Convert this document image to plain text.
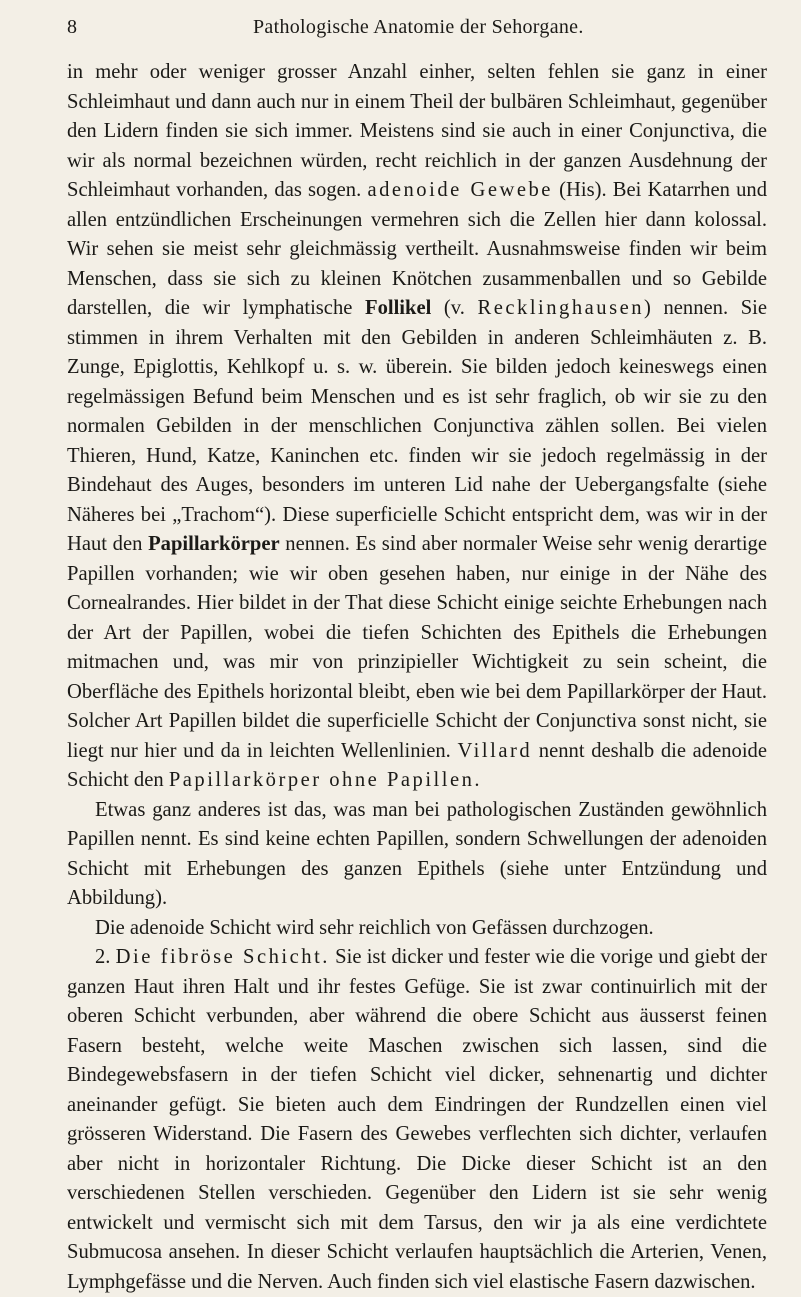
8	Pathologische Anatomie der Sehorgane.

in mehr oder weniger grosser Anzahl einher, selten fehlen sie ganz in einer Schleimhaut und dann auch nur in einem Theil der bulbären Schleimhaut, gegenüber den Lidern finden sie sich immer. Meistens sind sie auch in einer Conjunctiva, die wir als normal bezeichnen würden, recht reichlich in der ganzen Ausdehnung der Schleimhaut vorhanden, das sogen. adenoide Gewebe (His). Bei Katarrhen und allen entzündlichen Erscheinungen vermehren sich die Zellen hier dann kolossal. Wir sehen sie meist sehr gleichmässig vertheilt. Ausnahmsweise finden wir beim Menschen, dass sie sich zu kleinen Knötchen zusammenballen und so Gebilde darstellen, die wir lymphatische Follikel (v. Recklinghausen) nennen. Sie stimmen in ihrem Verhalten mit den Gebilden in anderen Schleimhäuten z. B. Zunge, Epiglottis, Kehlkopf u. s. w. überein. Sie bilden jedoch keineswegs einen regelmässigen Befund beim Menschen und es ist sehr fraglich, ob wir sie zu den normalen Gebilden in der menschlichen Conjunctiva zählen sollen. Bei vielen Thieren, Hund, Katze, Kaninchen etc. finden wir sie jedoch regelmässig in der Bindehaut des Auges, besonders im unteren Lid nahe der Uebergangsfalte (siehe Näheres bei „Trachom“). Diese superficielle Schicht entspricht dem, was wir in der Haut den Papillarkörper nennen. Es sind aber normaler Weise sehr wenig derartige Papillen vorhanden; wie wir oben gesehen haben, nur einige in der Nähe des Cornealrandes. Hier bildet in der That diese Schicht einige seichte Erhebungen nach der Art der Papillen, wobei die tiefen Schichten des Epithels die Erhebungen mitmachen und, was mir von prinzipieller Wichtigkeit zu sein scheint, die Oberfläche des Epithels horizontal bleibt, eben wie bei dem Papillarkörper der Haut. Solcher Art Papillen bildet die superficielle Schicht der Conjunctiva sonst nicht, sie liegt nur hier und da in leichten Wellenlinien. Villard nennt deshalb die adenoide Schicht den Papillarkörper ohne Papillen.

Etwas ganz anderes ist das, was man bei pathologischen Zuständen gewöhnlich Papillen nennt. Es sind keine echten Papillen, sondern Schwellungen der adenoiden Schicht mit Erhebungen des ganzen Epithels (siehe unter Entzündung und Abbildung).

Die adenoide Schicht wird sehr reichlich von Gefässen durchzogen.

2. Die fibröse Schicht. Sie ist dicker und fester wie die vorige und giebt der ganzen Haut ihren Halt und ihr festes Gefüge. Sie ist zwar continuirlich mit der oberen Schicht verbunden, aber während die obere Schicht aus äusserst feinen Fasern besteht, welche weite Maschen zwischen sich lassen, sind die Bindegewebsfasern in der tiefen Schicht viel dicker, sehnenartig und dichter aneinander gefügt. Sie bieten auch dem Eindringen der Rundzellen einen viel grösseren Widerstand. Die Fasern des Gewebes verflechten sich dichter, verlaufen aber nicht in horizontaler Richtung. Die Dicke dieser Schicht ist an den verschiedenen Stellen verschieden. Gegenüber den Lidern ist sie sehr wenig entwickelt und vermischt sich mit dem Tarsus, den wir ja als eine verdichtete Submucosa ansehen. In dieser Schicht verlaufen hauptsächlich die Arterien, Venen, Lymphgefässe und die Nerven. Auch finden sich viel elastische Fasern dazwischen.
